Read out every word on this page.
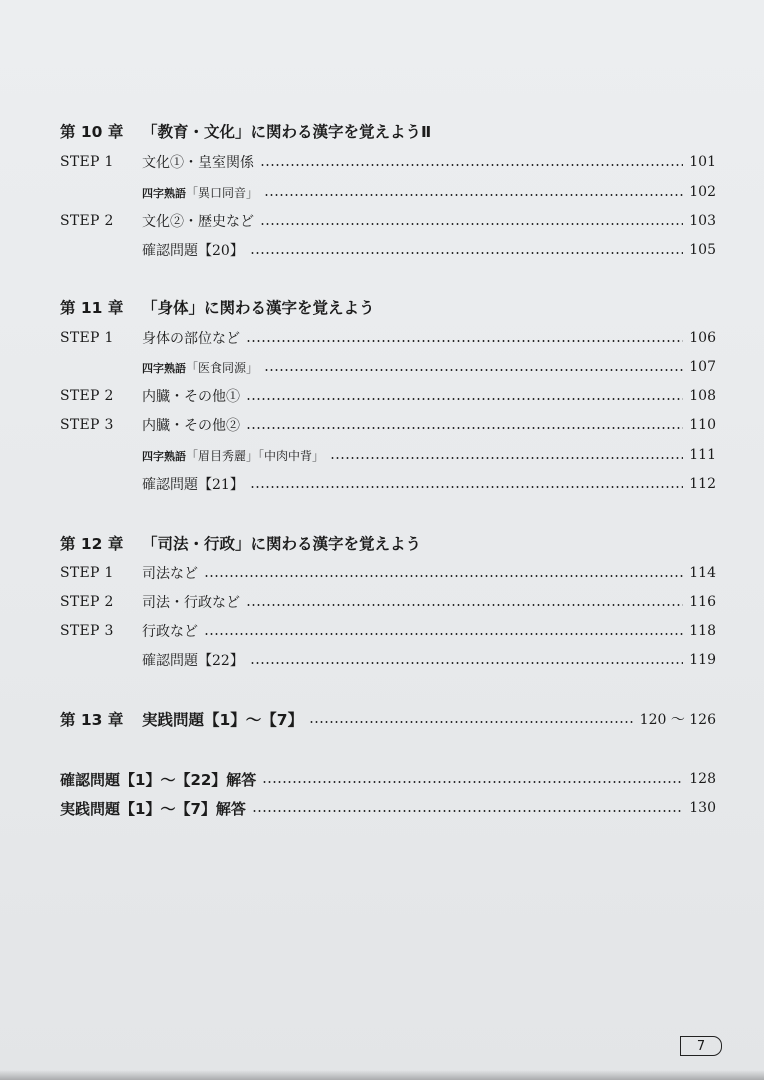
第 10 章	「教育・文化」に関わる漢字を覚えようⅡ
STEP 1	文化①・皇室関係	101
四字熟語「異口同音」	102
STEP 2	文化②・歴史など	103
確認問題【20】	105
第 11 章	「身体」に関わる漢字を覚えよう
STEP 1	身体の部位など	106
四字熟語「医食同源」	107
STEP 2	内臓・その他①	108
STEP 3	内臓・その他②	110
四字熟語「眉目秀麗」「中肉中背」	111
確認問題【21】	112
第 12 章	「司法・行政」に関わる漢字を覚えよう
STEP 1	司法など	114
STEP 2	司法・行政など	116
STEP 3	行政など	118
確認問題【22】	119
第 13 章	実践問題【1】～【7】	120 ～ 126
確認問題【1】～【22】解答	128
実践問題【1】～【7】解答	130
7
